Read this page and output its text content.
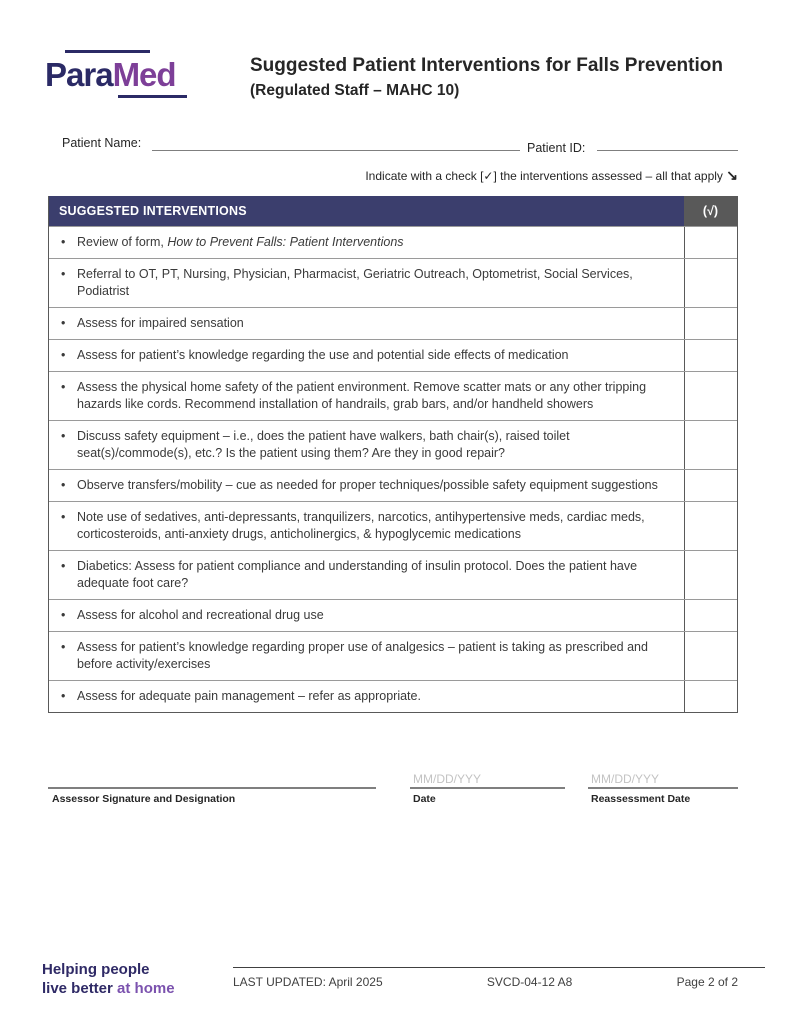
ParaMed	Suggested Patient Interventions for Falls Prevention
(Regulated Staff – MAHC 10)
Patient Name:	Patient ID:
Indicate with a check [✓] the interventions assessed – all that apply ↘
SUGGESTED INTERVENTIONS	(√)
•
Review of form, How to Prevent Falls: Patient Interventions
•
Referral to OT, PT, Nursing, Physician, Pharmacist, Geriatric Outreach, Optometrist, Social Services, Podiatrist
•
Assess for impaired sensation
•
Assess for patient’s knowledge regarding the use and potential side effects of medication
•
Assess the physical home safety of the patient environment. Remove scatter mats or any other tripping hazards like cords. Recommend installation of handrails, grab bars, and/or handheld showers
•
Discuss safety equipment – i.e., does the patient have walkers, bath chair(s), raised toilet seat(s)/commode(s), etc.? Is the patient using them? Are they in good repair?
•
Observe transfers/mobility – cue as needed for proper techniques/possible safety equipment suggestions
•
Note use of sedatives, anti-depressants, tranquilizers, narcotics, antihypertensive meds, cardiac meds, corticosteroids, anti-anxiety drugs, anticholinergics, & hypoglycemic medications
•
Diabetics: Assess for patient compliance and understanding of insulin protocol. Does the patient have adequate foot care?
•
Assess for alcohol and recreational drug use
•
Assess for patient’s knowledge regarding proper use of analgesics – patient is taking as prescribed and before activity/exercises
•
Assess for adequate pain management – refer as appropriate.
Assessor Signature and Designation
MM/DD/YYY
Date
MM/DD/YYY
Reassessment Date
Helping people
live better at home	LAST UPDATED: April 2025	SVCD-04-12 A8	Page 2 of 2
